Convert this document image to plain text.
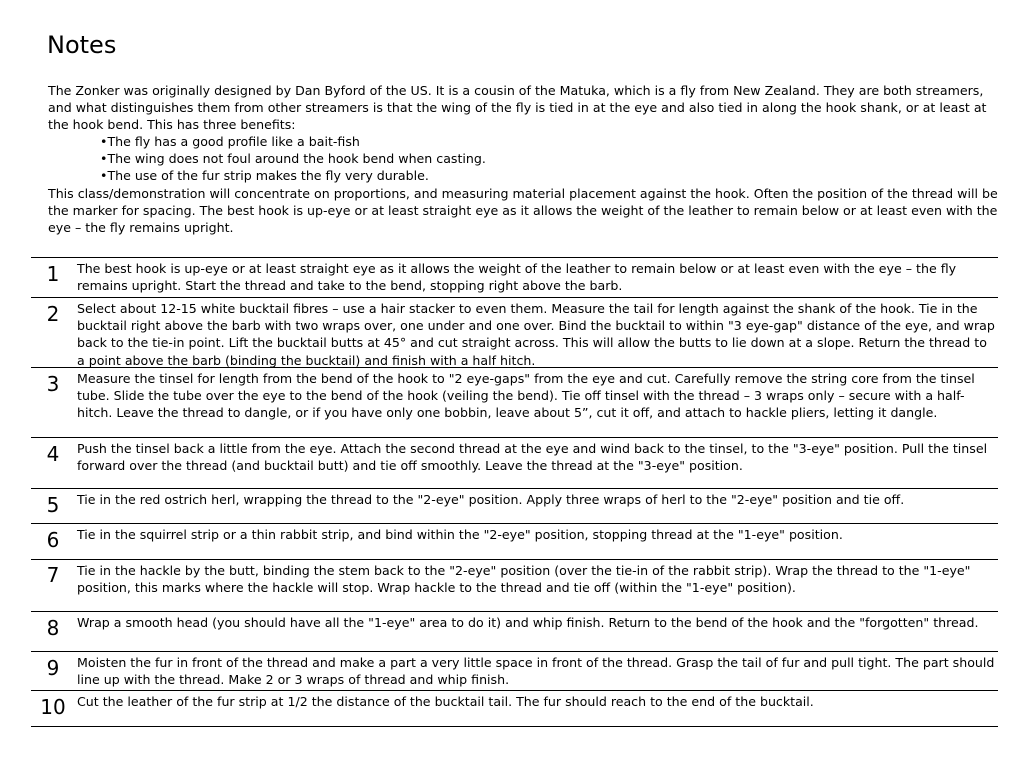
Notes

The Zonker was originally designed by Dan Byford of the US. It is a cousin of the Matuka, which is a fly from New Zealand. They are both streamers, and what distinguishes them from other streamers is that the wing of the fly is tied in at the eye and also tied in along the hook shank, or at least at the hook bend. This has three benefits:

• The fly has a good profile like a bait-fish
• The wing does not foul around the hook bend when casting.
• The use of the fur strip makes the fly very durable.

This class/demonstration will concentrate on proportions, and measuring material placement against the hook. Often the position of the thread will be the marker for spacing. The best hook is up-eye or at least straight eye as it allows the weight of the leather to remain below or at least even with the eye – the fly remains upright.

1	The best hook is up-eye or at least straight eye as it allows the weight of the leather to remain below or at least even with the eye – the fly remains upright. Start the thread and take to the bend, stopping right above the barb.
2	Select about 12-15 white bucktail fibres – use a hair stacker to even them. Measure the tail for length against the shank of the hook. Tie in the bucktail right above the barb with two wraps over, one under and one over. Bind the bucktail to within "3 eye-gap" distance of the eye, and wrap back to the tie-in point. Lift the bucktail butts at 45° and cut straight across. This will allow the butts to lie down at a slope. Return the thread to a point above the barb (binding the bucktail) and finish with a half hitch.
3	Measure the tinsel for length from the bend of the hook to "2 eye-gaps" from the eye and cut. Carefully remove the string core from the tinsel tube. Slide the tube over the eye to the bend of the hook (veiling the bend). Tie off tinsel with the thread – 3 wraps only – secure with a half-hitch. Leave the thread to dangle, or if you have only one bobbin, leave about 5”, cut it off, and attach to hackle pliers, letting it dangle.
4	Push the tinsel back a little from the eye. Attach the second thread at the eye and wind back to the tinsel, to the "3-eye" position. Pull the tinsel forward over the thread (and bucktail butt) and tie off smoothly. Leave the thread at the "3-eye" position.
5	Tie in the red ostrich herl, wrapping the thread to the "2-eye" position. Apply three wraps of herl to the "2-eye" position and tie off.
6	Tie in the squirrel strip or a thin rabbit strip, and bind within the "2-eye" position, stopping thread at the "1-eye" position.
7	Tie in the hackle by the butt, binding the stem back to the "2-eye" position (over the tie-in of the rabbit strip). Wrap the thread to the "1-eye" position, this marks where the hackle will stop. Wrap hackle to the thread and tie off (within the "1-eye" position).
8	Wrap a smooth head (you should have all the "1-eye" area to do it) and whip finish. Return to the bend of the hook and the "forgotten" thread.
9	Moisten the fur in front of the thread and make a part a very little space in front of the thread. Grasp the tail of fur and pull tight. The part should line up with the thread. Make 2 or 3 wraps of thread and whip finish.
10 Cut the leather of the fur strip at 1/2 the distance of the bucktail tail. The fur should reach to the end of the bucktail.
